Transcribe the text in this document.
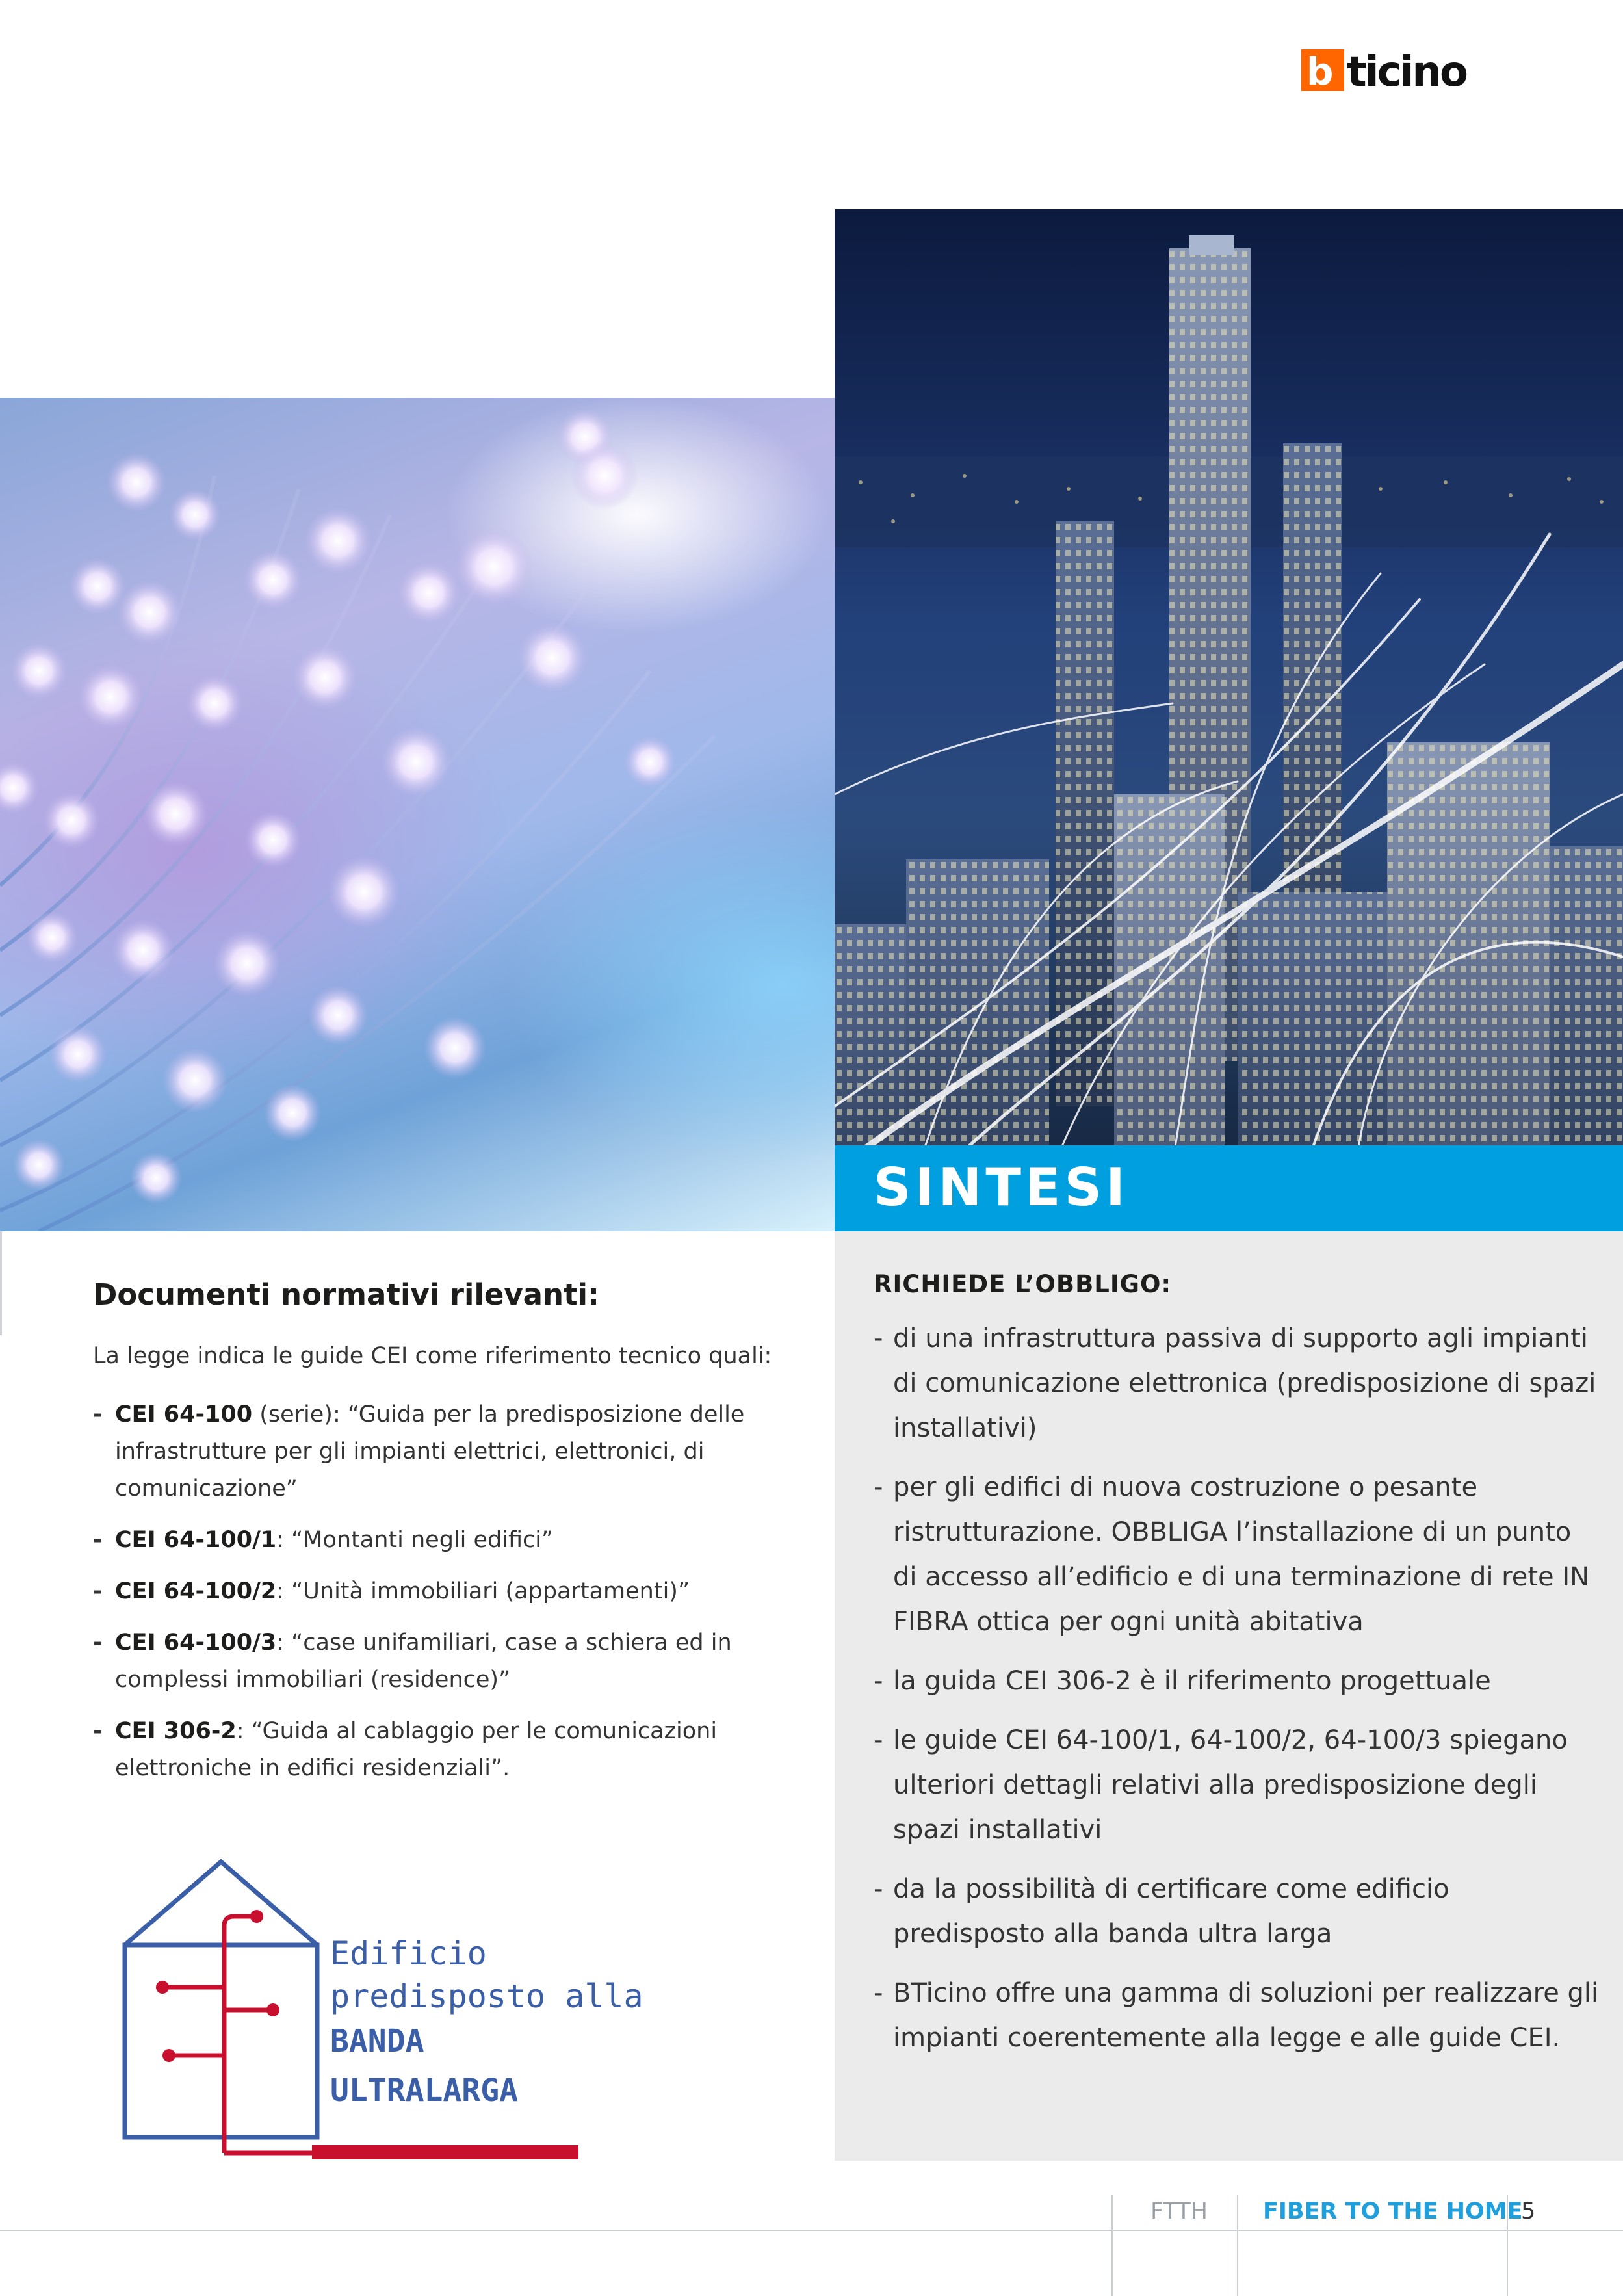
b ticino
SINTESI
Documenti normativi rilevanti:

La legge indica le guide CEI come riferimento tecnico quali:

- CEI 64-100 (serie): “Guida per la predisposizione delle infrastrutture per gli impianti elettrici, elettronici, di comunicazione”
- CEI 64-100/1: “Montanti negli edifici”
- CEI 64-100/2: “Unità immobiliari (appartamenti)”
- CEI 64-100/3: “case unifamiliari, case a schiera ed in complessi immobiliari (residence)”
- CEI 306-2: “Guida al cablaggio per le comunicazioni elettroniche in edifici residenziali”.
Edificio
predisposto alla
BANDA
ULTRALARGA
RICHIEDE L’OBBLIGO:
- di una infrastruttura passiva di supporto agli impianti di comunicazione elettronica (predisposizione di spazi installativi)
- per gli edifici di nuova costruzione o pesante ristrutturazione. OBBLIGA l’installazione di un punto di accesso all’edificio e di una terminazione di rete IN FIBRA ottica per ogni unità abitativa
- la guida CEI 306-2 è il riferimento progettuale
- le guide CEI 64-100/1, 64-100/2, 64-100/3 spiegano ulteriori dettagli relativi alla predisposizione degli spazi installativi
- da la possibilità di certificare come edificio predisposto alla banda ultra larga
- BTicino offre una gamma di soluzioni per realizzare gli impianti coerentemente alla legge e alle guide CEI.
FTTH FIBER TO THE HOME
5
